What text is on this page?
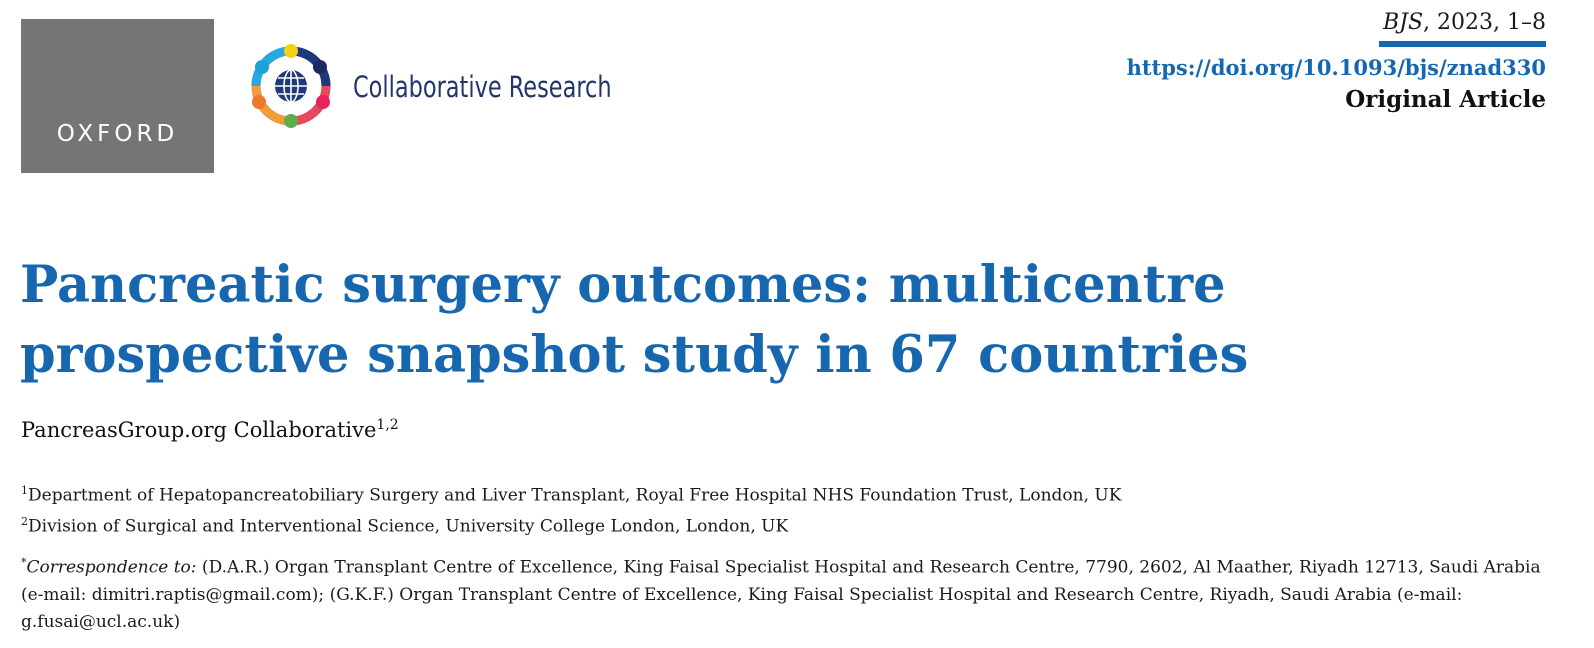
OXFORD
Collaborative Research
BJS, 2023, 1–8
https://doi.org/10.1093/bjs/znad330
Original Article
Pancreatic surgery outcomes: multicentre prospective snapshot study in 67 countries
PancreasGroup.org Collaborative$^{1,2}$
$^1$Department of Hepatopancreatobiliary Surgery and Liver Transplant, Royal Free Hospital NHS Foundation Trust, London, UK
$^2$Division of Surgical and Interventional Science, University College London, London, UK

*Correspondence to: (D.A.R.) Organ Transplant Centre of Excellence, King Faisal Specialist Hospital and Research Centre, 7790, 2602, Al Maather, Riyadh 12713, Saudi Arabia (e-mail: dimitri.raptis@gmail.com); (G.K.F.) Organ Transplant Centre of Excellence, King Faisal Specialist Hospital and Research Centre, Riyadh, Saudi Arabia (e-mail: g.fusai@ucl.ac.uk)
